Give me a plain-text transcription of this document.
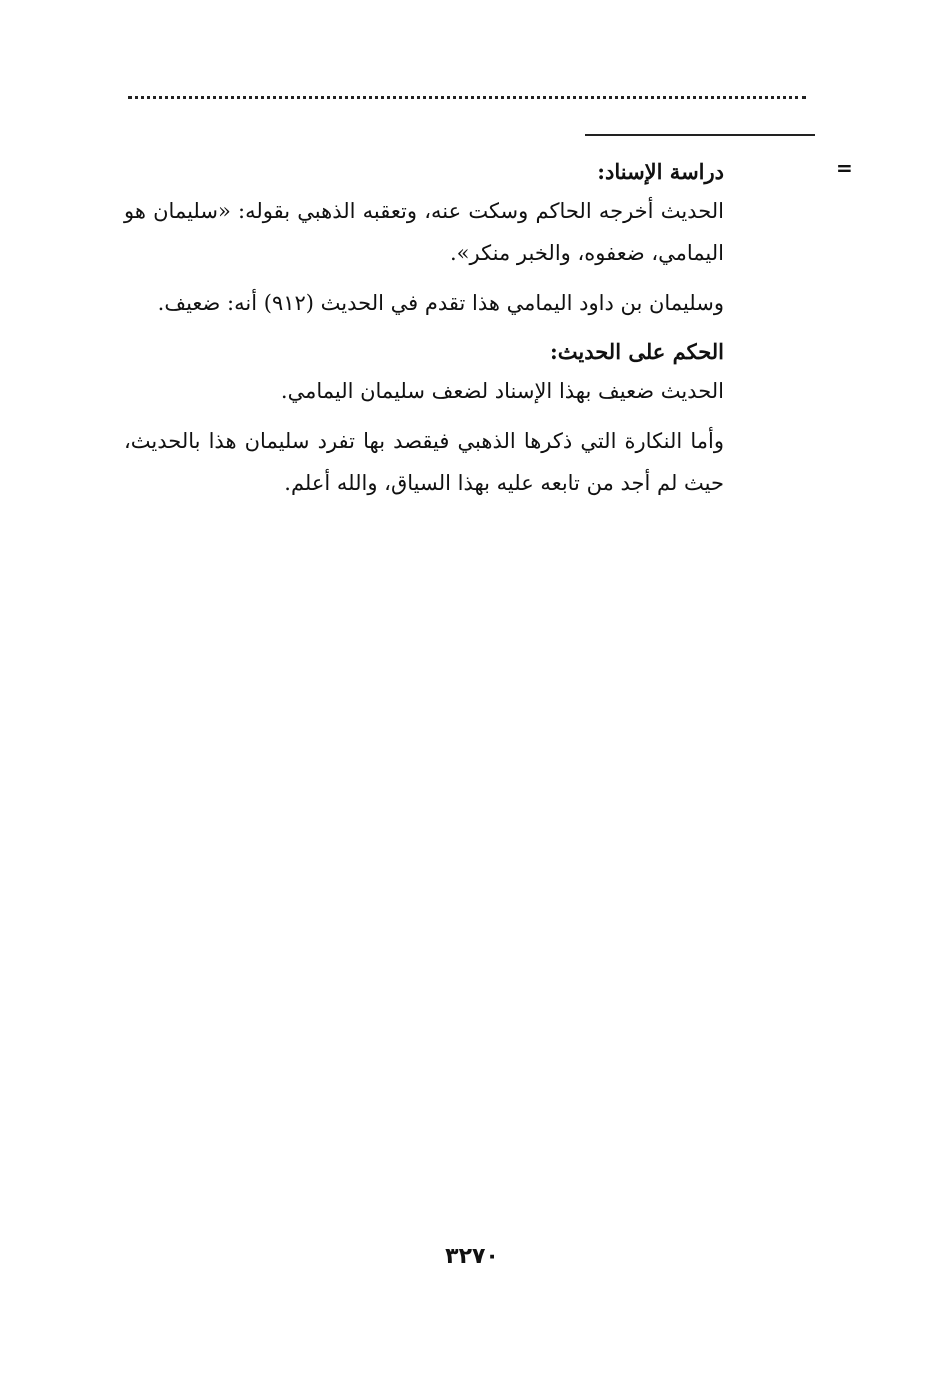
=

دراسة الإسناد:

الحديث أخرجه الحاكم وسكت عنه، وتعقبه الذهبي بقوله: «سليمان هو اليمامي، ضعفوه، والخبر منكر».

وسليمان بن داود اليمامي هذا تقدم في الحديث (٩١٢) أنه: ضعيف.

الحكم على الحديث:

الحديث ضعيف بهذا الإسناد لضعف سليمان اليمامي.

وأما النكارة التي ذكرها الذهبي فيقصد بها تفرد سليمان هذا بالحديث، حيث لم أجد من تابعه عليه بهذا السياق، والله أعلم.

٣٢٧٠
